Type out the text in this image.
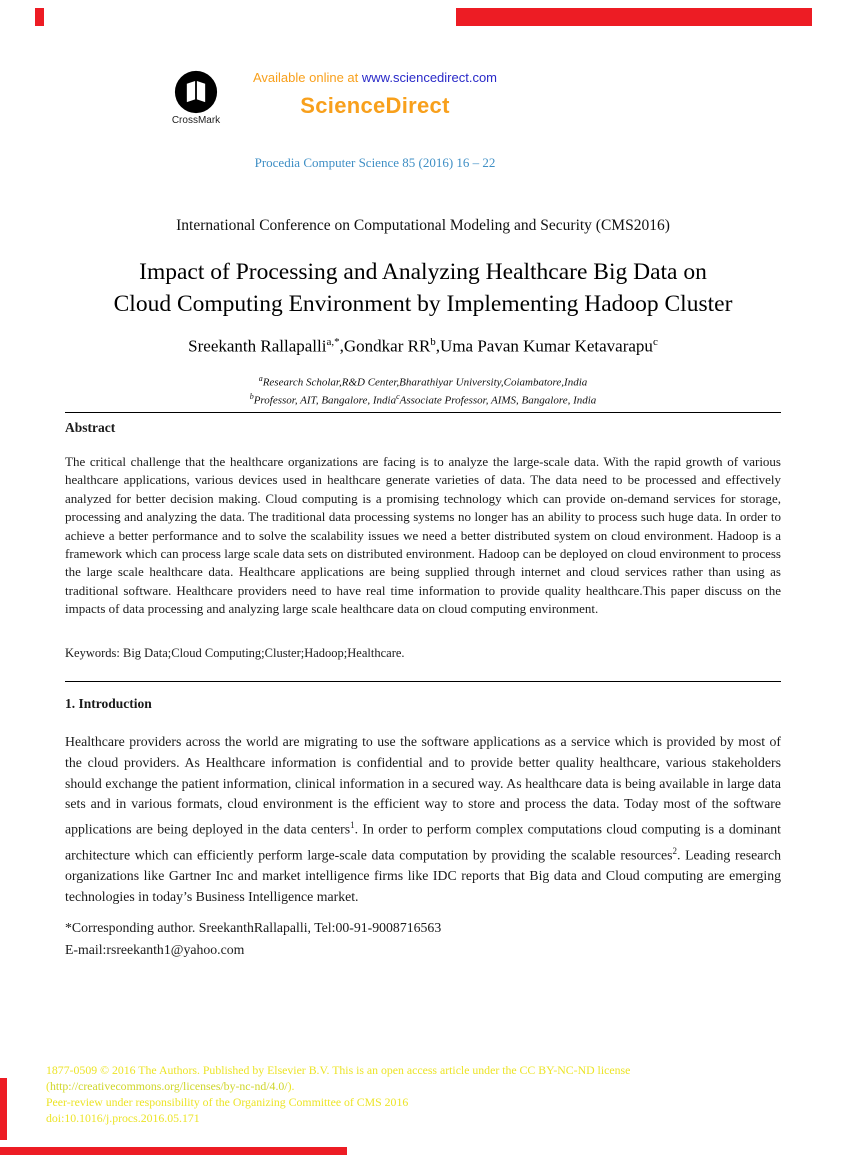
CrossMark
Available online at www.sciencedirect.com
ScienceDirect
Procedia Computer Science 85 (2016) 16 – 22
International Conference on Computational Modeling and Security (CMS2016)
Impact of Processing and Analyzing Healthcare Big Data on
Cloud Computing Environment by Implementing Hadoop Cluster
Sreekanth Rallapalli$^{a,*}$,Gondkar $RR^b,Uma$ Pavan Kumar Ketavarapu$^c$
$^a$Research Scholar,R&D Center,Bharathiyar University,Coiambatore,India
$^b$Professor, AIT, Bangalore, India$^c$Associate Professor, AIMS, Bangalore, India
Abstract

The critical challenge that the healthcare organizations are facing is to analyze the large-scale data. With the rapid growth of various healthcare applications, various devices used in healthcare generate varieties of data. The data need to be processed and effectively analyzed for better decision making. Cloud computing is a promising technology which can provide on-demand services for storage, processing and analyzing the data. The traditional data processing systems no longer has an ability to process such huge data. In order to achieve a better performance and to solve the scalability issues we need a better distributed system on cloud environment. Hadoop is a framework which can process large scale data sets on distributed environment. Hadoop can be deployed on cloud environment to process the large scale healthcare data. Healthcare applications are being supplied through internet and cloud services rather than using as traditional software. Healthcare providers need to have real time information to provide quality healthcare.This paper discuss on the impacts of data processing and analyzing large scale healthcare data on cloud computing environment.

Keywords: Big Data;Cloud Computing;Cluster;Hadoop;Healthcare.
1. Introduction

Healthcare providers across the world are migrating to use the software applications as a service which is provided by most of the cloud providers. As Healthcare information is confidential and to provide better quality healthcare, various stakeholders should exchange the patient information, clinical information in a secured way. As healthcare data is being available in large data sets and in various formats, cloud environment is the efficient way to store and process the data. Today most of the software applications are being deployed in the data centers$^1$. In order to perform complex computations cloud computing is a dominant architecture which can efficiently perform large-scale data computation by providing the scalable resources$^2$. Leading research organizations like Gartner Inc and market intelligence firms like IDC reports that Big data and Cloud computing are emerging technologies in today’s Business Intelligence market.

*Corresponding author. SreekanthRallapalli, Tel:00-91-9008716563
E-mail:rsreekanth1@yahoo.com
1877-0509 © 2016 The Authors. Published by Elsevier B.V. This is an open access article under the CC BY-NC-ND license
(http://creativecommons.org/licenses/by-nc-nd/4.0/).
Peer-review under responsibility of the Organizing Committee of CMS 2016
doi:10.1016/j.procs.2016.05.171
